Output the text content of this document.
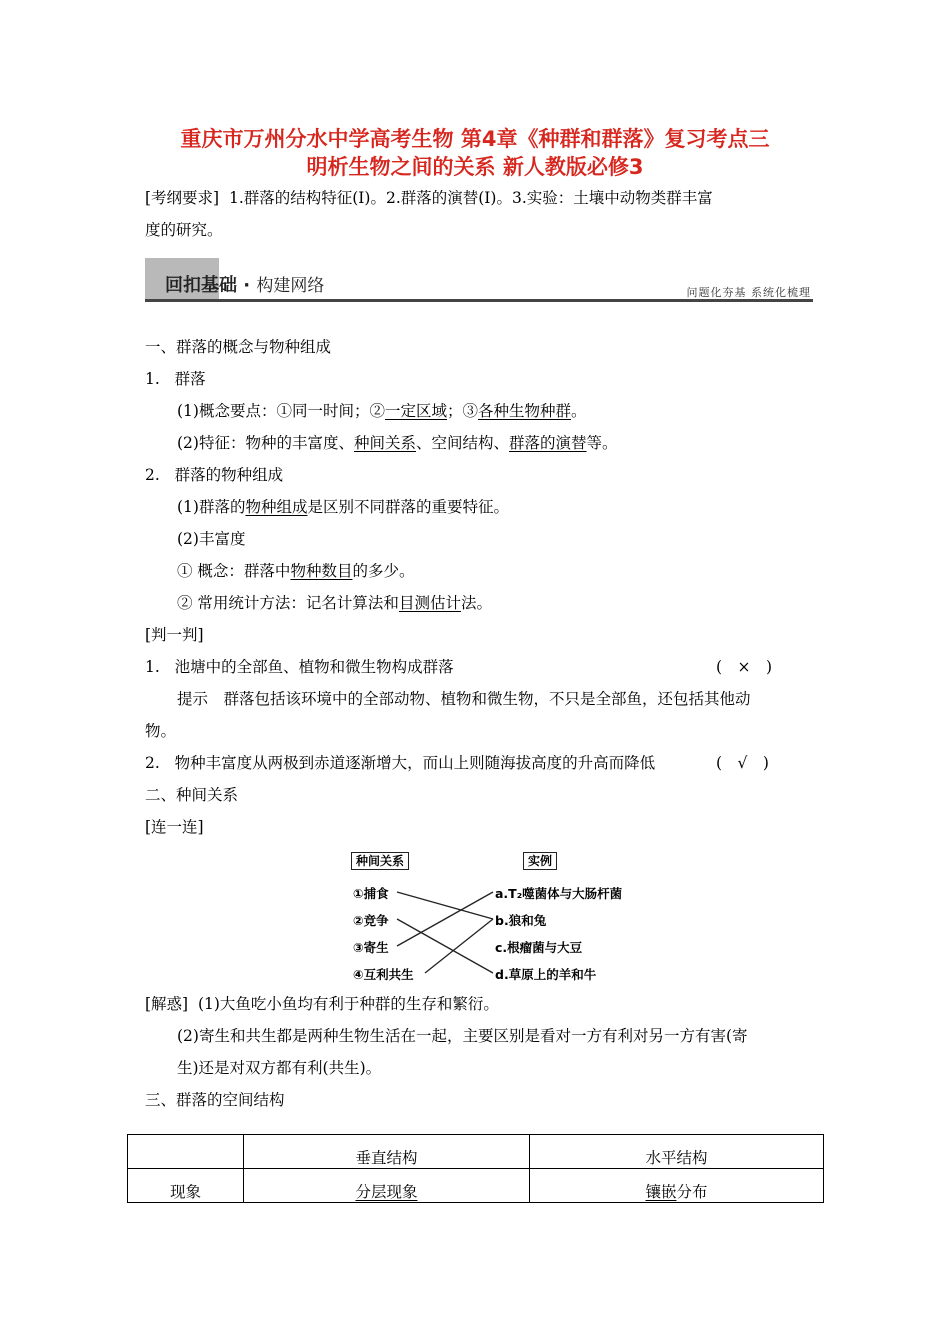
重庆市万州分水中学高考生物 第4章《种群和群落》复习考点三
明析生物之间的关系 新人教版必修3
[考纲要求] 1.群落的结构特征(Ⅰ)。2.群落的演替(Ⅰ)。3.实验：土壤中动物类群丰富
度的研究。
回扣基础 · 构建网络	问题化夯基 系统化梳理
一、群落的概念与物种组成
1. 群落
(1)概念要点：①同一时间；②一定区域；③各种生物种群。
(2)特征：物种的丰富度、种间关系、空间结构、群落的演替等。
2. 群落的物种组成
(1)群落的物种组成是区别不同群落的重要特征。
(2)丰富度
① 概念：群落中物种数目的多少。
② 常用统计方法：记名计算法和目测估计法。
[判一判]
1. 池塘中的全部鱼、植物和微生物构成群落	(　×　)
提示　群落包括该环境中的全部动物、植物和微生物，不只是全部鱼，还包括其他动
物。
2. 物种丰富度从两极到赤道逐渐增大，而山上则随海拔高度的升高而降低	(　√　)
二、种间关系
[连一连]
种间关系	实例
①捕食
②竞争
③寄生
④互利共生
a.T₂噬菌体与大肠杆菌
b.狼和兔
c.根瘤菌与大豆
d.草原上的羊和牛
[解惑] (1)大鱼吃小鱼均有利于种群的生存和繁衍。
(2)寄生和共生都是两种生物生活在一起，主要区别是看对一方有利对另一方有害(寄
生)还是对双方都有利(共生)。
三、群落的空间结构
	垂直结构	水平结构
现象	分层现象	镶嵌分布
